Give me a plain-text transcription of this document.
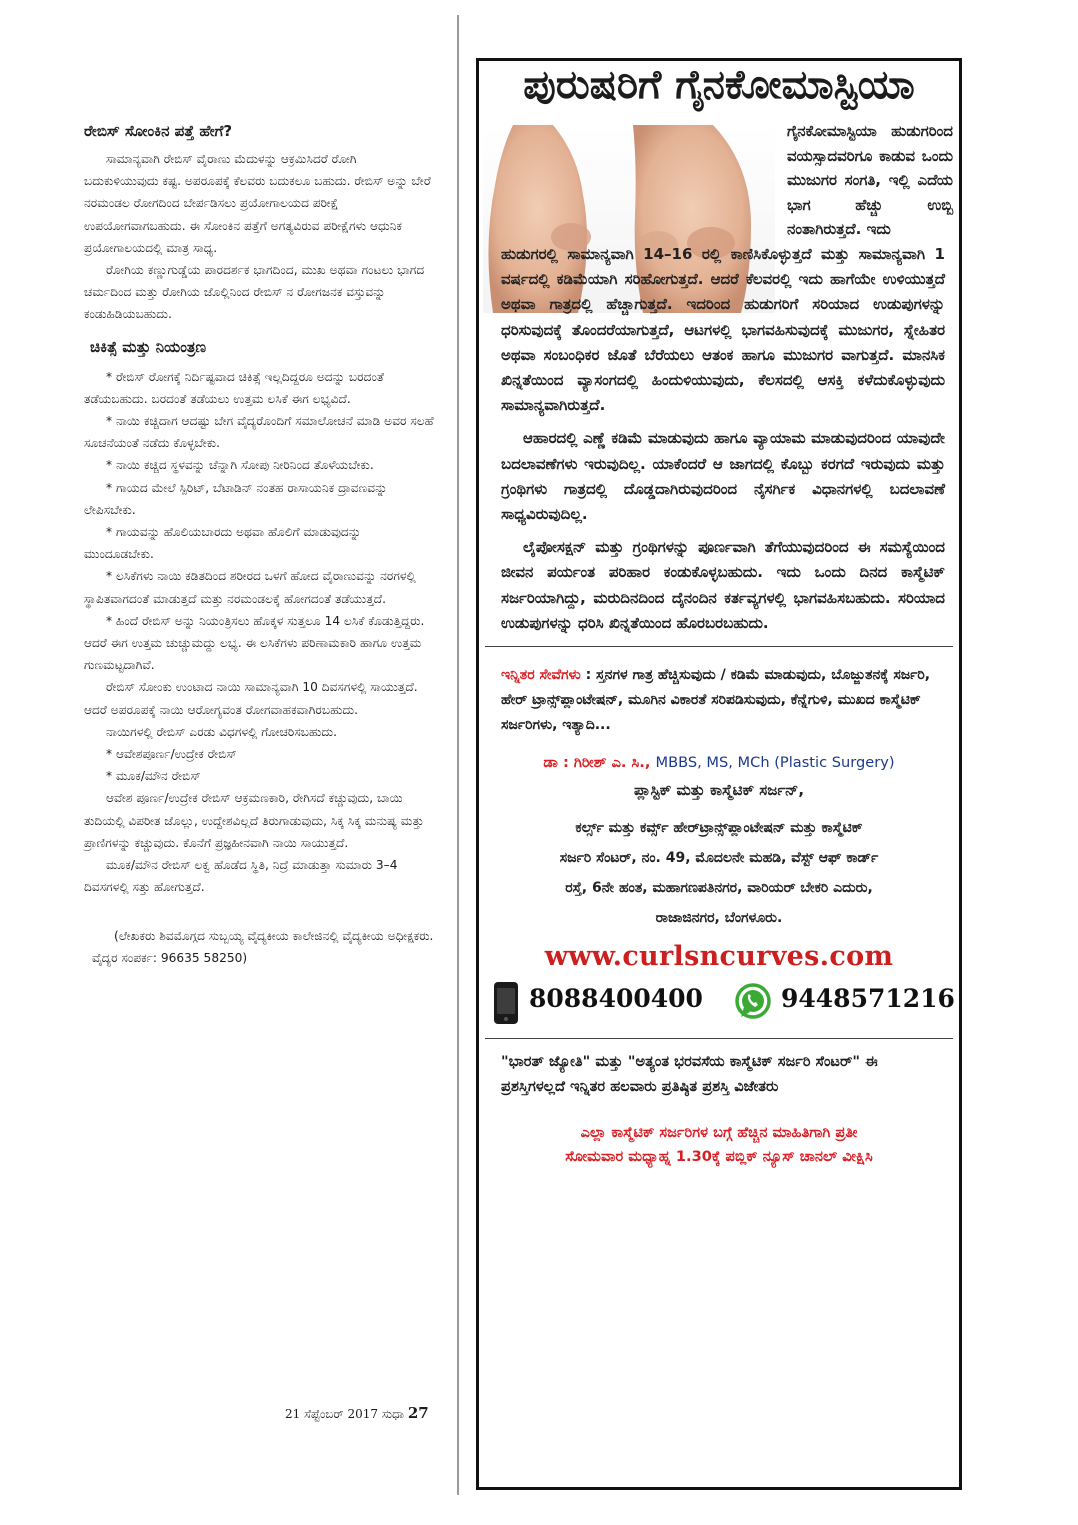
ರೇಬಿಸ್ ಸೋಂಕಿನ ಪತ್ತೆ ಹೇಗೆ?

ಸಾಮಾನ್ಯವಾಗಿ ರೇಬಿಸ್ ವೈರಾಣು ಮೆದುಳನ್ನು ಆಕ್ರಮಿಸಿದರೆ ರೋಗಿ ಬದುಕುಳಿಯುವುದು ಕಷ್ಟ. ಅಪರೂಪಕ್ಕೆ ಕೆಲವರು ಬದುಕಲೂ ಬಹುದು. ರೇಬಿಸ್ ಅನ್ನು ಬೇರೆ ನರಮಂಡಲ ರೋಗದಿಂದ ಬೇರ್ಪಡಿಸಲು ಪ್ರಯೋಗಾಲಯದ ಪರೀಕ್ಷೆ ಉಪಯೋಗವಾಗಬಹುದು. ಈ ಸೋಂಕಿನ ಪತ್ತೆಗೆ ಅಗತ್ಯವಿರುವ ಪರೀಕ್ಷೆಗಳು ಆಧುನಿಕ ಪ್ರಯೋಗಾಲಯದಲ್ಲಿ ಮಾತ್ರ ಸಾಧ್ಯ.

ರೋಗಿಯ ಕಣ್ಣುಗುಡ್ಡೆಯ ಪಾರದರ್ಶಕ ಭಾಗದಿಂದ, ಮುಖ ಅಥವಾ ಗಂಟಲು ಭಾಗದ ಚರ್ಮದಿಂದ ಮತ್ತು ರೋಗಿಯ ಜೊಲ್ಲಿನಿಂದ ರೇಬಿಸ್ ನ ರೋಗಜನಕ ವಸ್ತುವನ್ನು ಕಂಡುಹಿಡಿಯಬಹುದು.

ಚಿಕಿತ್ಸೆ ಮತ್ತು ನಿಯಂತ್ರಣ

* ರೇಬಿಸ್ ರೋಗಕ್ಕೆ ನಿರ್ದಿಷ್ಟವಾದ ಚಿಕಿತ್ಸೆ ಇಲ್ಲದಿದ್ದರೂ ಅದನ್ನು ಬರದಂತೆ ತಡೆಯಬಹುದು. ಬರದಂತೆ ತಡೆಯಲು ಉತ್ತಮ ಲಸಿಕೆ ಈಗ ಲಭ್ಯವಿದೆ.

* ನಾಯಿ ಕಚ್ಚಿದಾಗ ಆದಷ್ಟು ಬೇಗ ವೈದ್ಯರೊಂದಿಗೆ ಸಮಾಲೋಚನೆ ಮಾಡಿ ಅವರ ಸಲಹೆ ಸೂಚನೆಯಂತೆ ನಡೆದು ಕೊಳ್ಳಬೇಕು.

* ನಾಯಿ ಕಚ್ಚಿದ ಸ್ಥಳವನ್ನು ಚೆನ್ನಾಗಿ ಸೋಪು ನೀರಿನಿಂದ ತೊಳೆಯಬೇಕು.

* ಗಾಯದ ಮೇಲೆ ಸ್ಪಿರಿಟ್, ಬೆಟಾಡಿನ್ ನಂತಹ ರಾಸಾಯನಿಕ ದ್ರಾವಣವನ್ನು ಲೇಪಿಸಬೇಕು.

* ಗಾಯವನ್ನು ಹೊಲಿಯಬಾರದು ಅಥವಾ ಹೊಲಿಗೆ ಮಾಡುವುದನ್ನು ಮುಂದೂಡಬೇಕು.

* ಲಸಿಕೆಗಳು ನಾಯಿ ಕಡಿತದಿಂದ ಶರೀರದ ಒಳಗೆ ಹೋದ ವೈರಾಣುವನ್ನು ನರಗಳಲ್ಲಿ ಸ್ಥಾಪಿತವಾಗದಂತೆ ಮಾಡುತ್ತದೆ ಮತ್ತು ನರಮಂಡಲಕ್ಕೆ ಹೋಗದಂತೆ ತಡೆಯುತ್ತದೆ.

* ಹಿಂದೆ ರೇಬಿಸ್ ಅನ್ನು ನಿಯಂತ್ರಿಸಲು ಹೊಕ್ಕಳ ಸುತ್ತಲೂ 14 ಲಸಿಕೆ ಕೊಡುತ್ತಿದ್ದರು. ಆದರೆ ಈಗ ಉತ್ತಮ ಚುಚ್ಚುಮದ್ದು ಲಭ್ಯ. ಈ ಲಸಿಕೆಗಳು ಪರಿಣಾಮಕಾರಿ ಹಾಗೂ ಉತ್ತಮ ಗುಣಮಟ್ಟದಾಗಿವೆ.

ರೇಬಿಸ್ ಸೋಂಕು ಉಂಟಾದ ನಾಯಿ ಸಾಮಾನ್ಯವಾಗಿ 10 ದಿವಸಗಳಲ್ಲಿ ಸಾಯುತ್ತದೆ. ಆದರೆ ಅಪರೂಪಕ್ಕೆ ನಾಯಿ ಆರೋಗ್ಯವಂತ ರೋಗವಾಹಕವಾಗಿರಬಹುದು.

ನಾಯಿಗಳಲ್ಲಿ ರೇಬಿಸ್ ಎರಡು ವಿಧಗಳಲ್ಲಿ ಗೋಚರಿಸಬಹುದು.

* ಆವೇಶಪೂರ್ಣ/ಉದ್ರೇಕ ರೇಬಿಸ್

* ಮೂಕ/ಮೌನ ರೇಬಿಸ್

ಆವೇಶ ಪೂರ್ಣ/ಉದ್ರೇಕ ರೇಬಿಸ್ ಆಕ್ರಮಣಕಾರಿ, ರೇಗಿಸದೆ ಕಚ್ಚುವುದು, ಬಾಯಿ ತುದಿಯಲ್ಲಿ ವಿಪರೀತ ಜೊಲ್ಲು, ಉದ್ದೇಶವಿಲ್ಲದೆ ತಿರುಗಾಡುವುದು, ಸಿಕ್ಕ ಸಿಕ್ಕ ಮನುಷ್ಯ ಮತ್ತು ಪ್ರಾಣಿಗಳನ್ನು ಕಚ್ಚುವುದು. ಕೊನೆಗೆ ಪ್ರಜ್ಞಹೀನವಾಗಿ ನಾಯಿ ಸಾಯುತ್ತದೆ.

ಮೂಕ/ಮೌನ ರೇಬಿಸ್ ಲಕ್ವ ಹೊಡೆದ ಸ್ಥಿತಿ, ನಿದ್ರೆ ಮಾಡುತ್ತಾ ಸುಮಾರು 3–4 ದಿವಸಗಳಲ್ಲಿ ಸತ್ತು ಹೋಗುತ್ತದೆ.

(ಲೇಖಕರು ಶಿವಮೊಗ್ಗದ ಸುಬ್ಬಯ್ಯ ವೈದ್ಯಕೀಯ ಕಾಲೇಜಿನಲ್ಲಿ ವೈದ್ಯಕೀಯ ಅಧೀಕ್ಷಕರು. ವೈದ್ಯರ ಸಂಪರ್ಕ: 96635 58250)

21 ಸೆಪ್ಟೆಂಬರ್ 2017 ಸುಧಾ 27
ಪುರುಷರಿಗೆ ಗೈನಕೋಮಾಸ್ಟಿಯಾ

ಗೈನಕೋಮಾಸ್ಟಿಯಾ ಹುಡುಗರಿಂದ ವಯಸ್ಸಾದವರಿಗೂ ಕಾಡುವ ಒಂದು ಮುಜುಗರ ಸಂಗತಿ, ಇಲ್ಲಿ ಎದೆಯ ಭಾಗ ಹೆಚ್ಚು ಉಬ್ಬಿ ನಂತಾಗಿರುತ್ತದೆ. ಇದು

ಹುಡುಗರಲ್ಲಿ ಸಾಮಾನ್ಯವಾಗಿ 14–16 ರಲ್ಲಿ ಕಾಣಿಸಿಕೊಳ್ಳುತ್ತದೆ ಮತ್ತು ಸಾಮಾನ್ಯವಾಗಿ 1 ವರ್ಷದಲ್ಲಿ ಕಡಿಮೆಯಾಗಿ ಸರಿಹೋಗುತ್ತದೆ. ಆದರೆ ಕೆಲವರಲ್ಲಿ ಇದು ಹಾಗೆಯೇ ಉಳಿಯುತ್ತದೆ ಅಥವಾ ಗಾತ್ರದಲ್ಲಿ ಹೆಚ್ಚಾಗುತ್ತದೆ. ಇದರಿಂದ ಹುಡುಗರಿಗೆ ಸರಿಯಾದ ಉಡುಪುಗಳನ್ನು ಧರಿಸುವುದಕ್ಕೆ ತೊಂದರೆಯಾಗುತ್ತದೆ, ಆಟಗಳಲ್ಲಿ ಭಾಗವಹಿಸುವುದಕ್ಕೆ ಮುಜುಗರ, ಸ್ನೇಹಿತರ ಅಥವಾ ಸಂಬಂಧಿಕರ ಜೊತೆ ಬೆರೆಯಲು ಆತಂಕ ಹಾಗೂ ಮುಜುಗರ ವಾಗುತ್ತದೆ. ಮಾನಸಿಕ ಖಿನ್ನತೆಯಿಂದ ವ್ಯಾಸಂಗದಲ್ಲಿ ಹಿಂದುಳಿಯುವುದು, ಕೆಲಸದಲ್ಲಿ ಆಸಕ್ತಿ ಕಳೆದುಕೊಳ್ಳುವುದು ಸಾಮಾನ್ಯವಾಗಿರುತ್ತದೆ.

ಆಹಾರದಲ್ಲಿ ಎಣ್ಣೆ ಕಡಿಮೆ ಮಾಡುವುದು ಹಾಗೂ ವ್ಯಾಯಾಮ ಮಾಡುವುದರಿಂದ ಯಾವುದೇ ಬದಲಾವಣೆಗಳು ಇರುವುದಿಲ್ಲ. ಯಾಕೆಂದರೆ ಆ ಜಾಗದಲ್ಲಿ ಕೊಬ್ಬು ಕರಗದೆ ಇರುವುದು ಮತ್ತು ಗ್ರಂಥಿಗಳು ಗಾತ್ರದಲ್ಲಿ ದೊಡ್ಡದಾಗಿರುವುದರಿಂದ ನೈಸರ್ಗಿಕ ವಿಧಾನಗಳಲ್ಲಿ ಬದಲಾವಣೆ ಸಾಧ್ಯವಿರುವುದಿಲ್ಲ.

ಲೈಪೋಸಕ್ಷನ್ ಮತ್ತು ಗ್ರಂಥಿಗಳನ್ನು ಪೂರ್ಣವಾಗಿ ತೆಗೆಯುವುದರಿಂದ ಈ ಸಮಸ್ಯೆಯಿಂದ ಜೀವನ ಪರ್ಯಂತ ಪರಿಹಾರ ಕಂಡುಕೊಳ್ಳಬಹುದು. ಇದು ಒಂದು ದಿನದ ಕಾಸ್ಮೆಟಿಕ್ ಸರ್ಜರಿಯಾಗಿದ್ದು, ಮರುದಿನದಿಂದ ದೈನಂದಿನ ಕರ್ತವ್ಯಗಳಲ್ಲಿ ಭಾಗವಹಿಸಬಹುದು. ಸರಿಯಾದ ಉಡುಪುಗಳನ್ನು ಧರಿಸಿ ಖಿನ್ನತೆಯಿಂದ ಹೊರಬರಬಹುದು.

ಇನ್ನಿತರ ಸೇವೆಗಳು : ಸ್ತನಗಳ ಗಾತ್ರ ಹೆಚ್ಚಿಸುವುದು / ಕಡಿಮೆ ಮಾಡುವುದು, ಬೊಜ್ಜುತನಕ್ಕೆ ಸರ್ಜರಿ, ಹೇರ್ ಟ್ರಾನ್ಸ್‌ಪ್ಲಾಂಟೇಷನ್, ಮೂಗಿನ ವಿಕಾರತೆ ಸರಿಪಡಿಸುವುದು, ಕೆನ್ನೆಗುಳಿ, ಮುಖದ ಕಾಸ್ಮೆಟಿಕ್ ಸರ್ಜರಿಗಳು, ಇತ್ಯಾದಿ...

ಡಾ : ಗಿರೀಶ್ ಎ. ಸಿ., MBBS, MS, MCh (Plastic Surgery)
ಪ್ಲಾಸ್ಟಿಕ್ ಮತ್ತು ಕಾಸ್ಮೆಟಿಕ್ ಸರ್ಜನ್,
ಕರ್ಲ್ಸ್ ಮತ್ತು ಕರ್ವ್ಸ್ ಹೇರ್‌ಟ್ರಾನ್ಸ್‌ಪ್ಲಾಂಟೇಷನ್ ಮತ್ತು ಕಾಸ್ಮೆಟಿಕ್
ಸರ್ಜರಿ ಸೆಂಟರ್, ನಂ. 49, ಮೊದಲನೇ ಮಹಡಿ, ವೆಸ್ಟ್ ಆಫ್ ಕಾರ್ಡ್
ರಸ್ತೆ, 6ನೇ ಹಂತ, ಮಹಾಗಣಪತಿನಗರ, ವಾರಿಯರ್ ಬೇಕರಿ ಎದುರು,
ರಾಜಾಜಿನಗರ, ಬೆಂಗಳೂರು.
www.curlsncurves.com
8088400400	9448571216

"ಭಾರತ್ ಜ್ಯೋತಿ" ಮತ್ತು "ಅತ್ಯಂತ ಭರವಸೆಯ ಕಾಸ್ಮೆಟಿಕ್ ಸರ್ಜರಿ ಸೆಂಟರ್" ಈ ಪ್ರಶಸ್ತಿಗಳಲ್ಲದೆ ಇನ್ನಿತರ ಹಲವಾರು ಪ್ರತಿಷ್ಠಿತ ಪ್ರಶಸ್ತಿ ವಿಜೇತರು

ಎಲ್ಲಾ ಕಾಸ್ಮೆಟಿಕ್ ಸರ್ಜರಿಗಳ ಬಗ್ಗೆ ಹೆಚ್ಚಿನ ಮಾಹಿತಿಗಾಗಿ ಪ್ರತೀ
ಸೋಮವಾರ ಮಧ್ಯಾಹ್ನ 1.30ಕ್ಕೆ ಪಬ್ಲಿಕ್ ನ್ಯೂಸ್ ಚಾನಲ್ ವೀಕ್ಷಿಸಿ
